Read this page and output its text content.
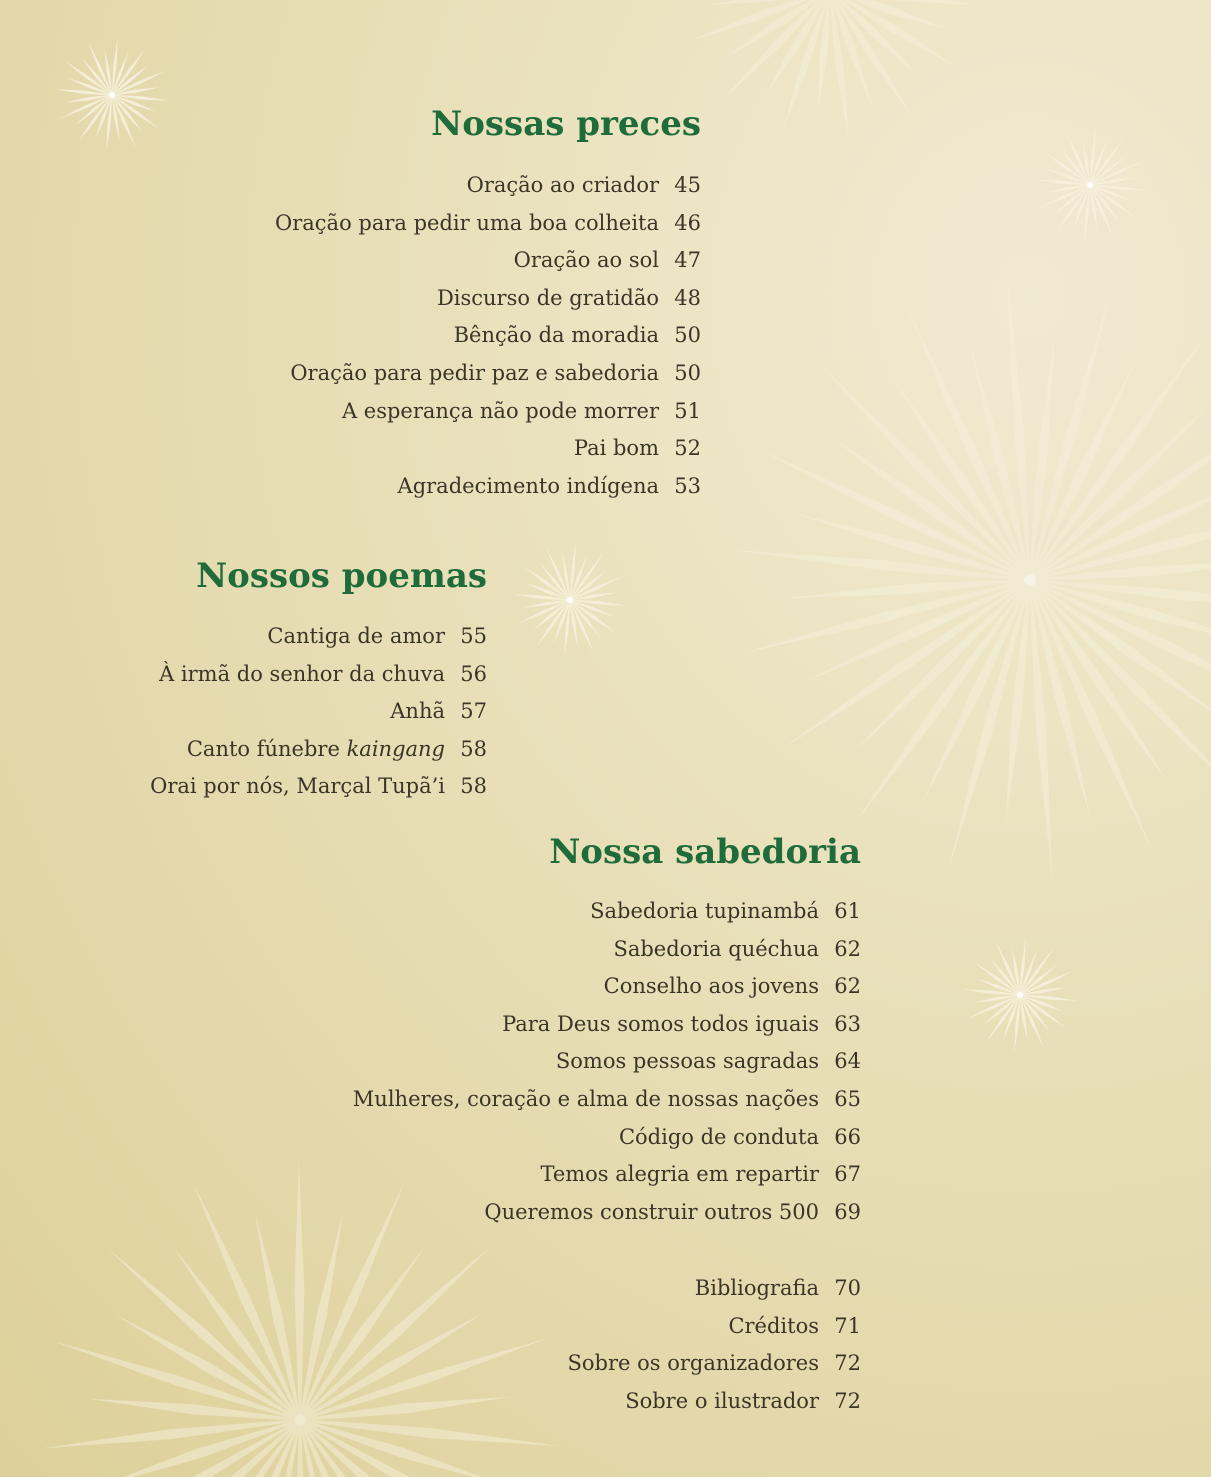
Nossas preces
Oração ao criador 45
Oração para pedir uma boa colheita 46
Oração ao sol 47
Discurso de gratidão 48
Bênção da moradia 50
Oração para pedir paz e sabedoria 50
A esperança não pode morrer 51
Pai bom 52
Agradecimento indígena 53
Nossos poemas
Cantiga de amor 55
À irmã do senhor da chuva 56
Anhã 57
Canto fúnebre kaingang 58
Orai por nós, Marçal Tupã’i 58
Nossa sabedoria
Sabedoria tupinambá 61
Sabedoria quéchua 62
Conselho aos jovens 62
Para Deus somos todos iguais 63
Somos pessoas sagradas 64
Mulheres, coração e alma de nossas nações 65
Código de conduta 66
Temos alegria em repartir 67
Queremos construir outros 500 69
Bibliografia 70
Créditos 71
Sobre os organizadores 72
Sobre o ilustrador 72
